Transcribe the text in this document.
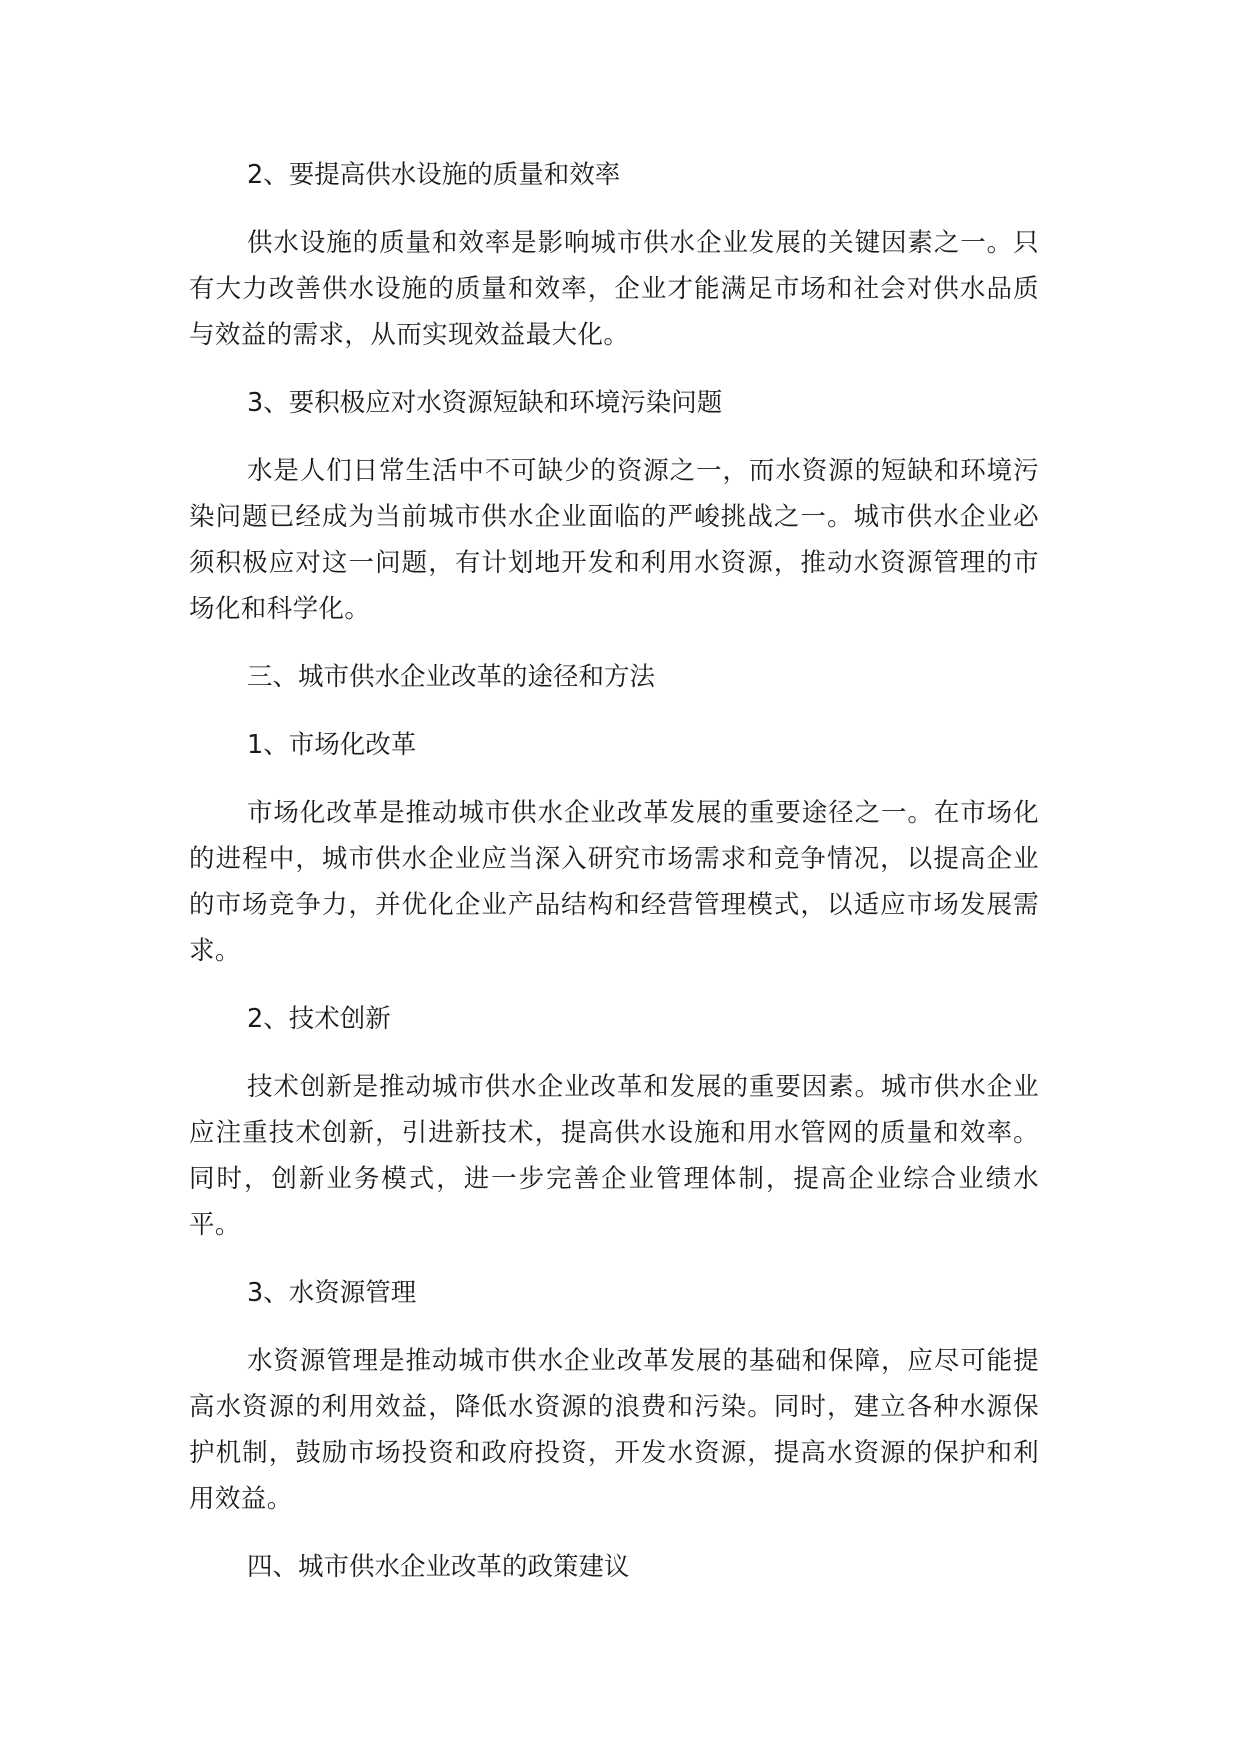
2、要提高供水设施的质量和效率

供水设施的质量和效率是影响城市供水企业发展的关键因素之一。只有大力改善供水设施的质量和效率，企业才能满足市场和社会对供水品质与效益的需求，从而实现效益最大化。

3、要积极应对水资源短缺和环境污染问题

水是人们日常生活中不可缺少的资源之一，而水资源的短缺和环境污染问题已经成为当前城市供水企业面临的严峻挑战之一。城市供水企业必须积极应对这一问题，有计划地开发和利用水资源，推动水资源管理的市场化和科学化。

三、城市供水企业改革的途径和方法

1、市场化改革

市场化改革是推动城市供水企业改革发展的重要途径之一。在市场化的进程中，城市供水企业应当深入研究市场需求和竞争情况，以提高企业的市场竞争力，并优化企业产品结构和经营管理模式，以适应市场发展需求。

2、技术创新

技术创新是推动城市供水企业改革和发展的重要因素。城市供水企业应注重技术创新，引进新技术，提高供水设施和用水管网的质量和效率。同时，创新业务模式，进一步完善企业管理体制，提高企业综合业绩水平。

3、水资源管理

水资源管理是推动城市供水企业改革发展的基础和保障，应尽可能提高水资源的利用效益，降低水资源的浪费和污染。同时，建立各种水源保护机制，鼓励市场投资和政府投资，开发水资源，提高水资源的保护和利用效益。

四、城市供水企业改革的政策建议
